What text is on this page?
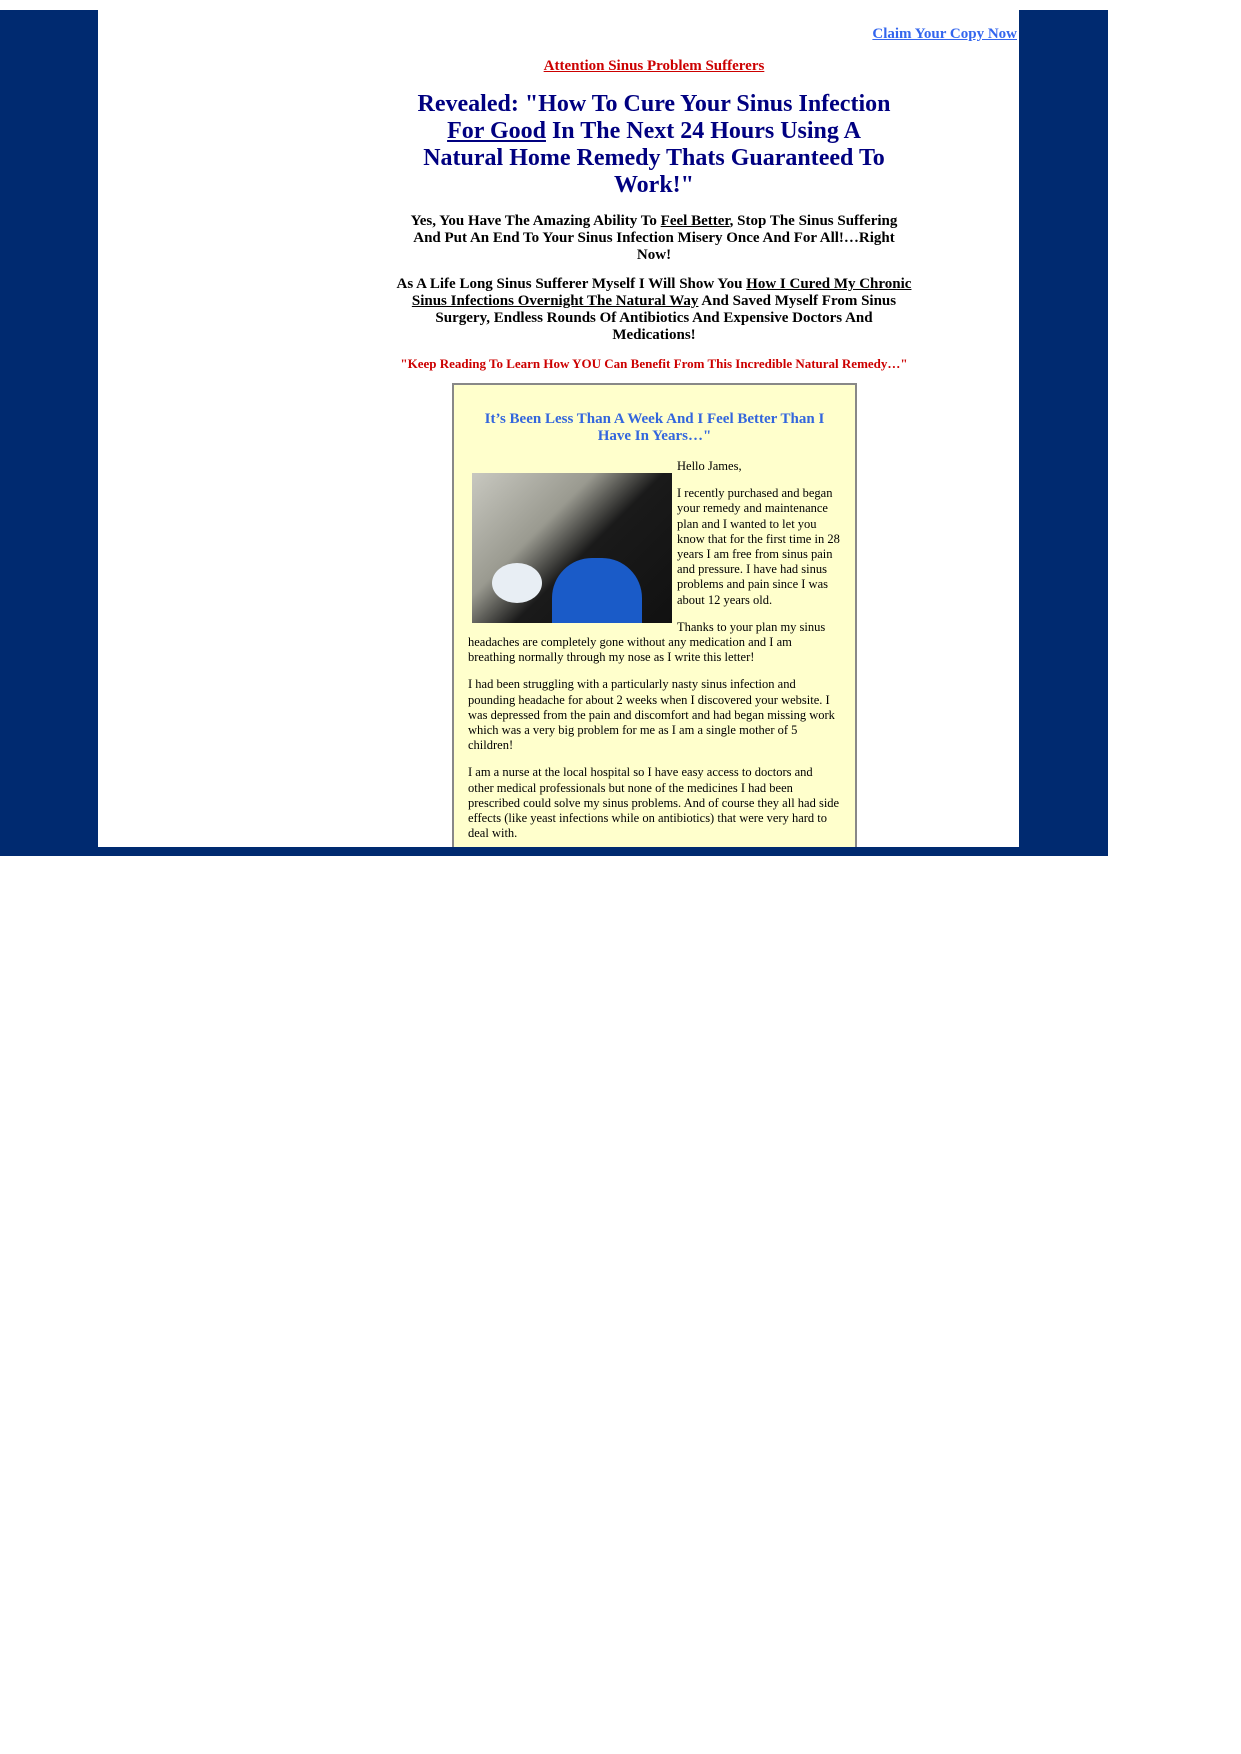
Claim Your Copy Now
Attention Sinus Problem Sufferers
Revealed: "How To Cure Your Sinus Infection For Good In The Next 24 Hours Using A Natural Home Remedy Thats Guaranteed To Work!"

Yes, You Have The Amazing Ability To Feel Better, Stop The Sinus Suffering And Put An End To Your Sinus Infection Misery Once And For All!…Right Now!

As A Life Long Sinus Sufferer Myself I Will Show You How I Cured My Chronic Sinus Infections Overnight The Natural Way And Saved Myself From Sinus Surgery, Endless Rounds Of Antibiotics And Expensive Doctors And Medications!

"Keep Reading To Learn How YOU Can Benefit From This Incredible Natural Remedy…"

It’s Been Less Than A Week And I Feel Better Than I Have In Years…"

Hello James,

I recently purchased and began your remedy and maintenance plan and I wanted to let you know that for the first time in 28 years I am free from sinus pain and pressure. I have had sinus problems and pain since I was about 12 years old.

Thanks to your plan my sinus headaches are completely gone without any medication and I am breathing normally through my nose as I write this letter!

I had been struggling with a particularly nasty sinus infection and pounding headache for about 2 weeks when I discovered your website. I was depressed from the pain and discomfort and had began missing work which was a very big problem for me as I am a single mother of 5 children!

I am a nurse at the local hospital so I have easy access to doctors and other medical professionals but none of the medicines I had been prescribed could solve my sinus problems. And of course they all had side effects (like yeast infections while on antibiotics) that were very hard to deal with.
